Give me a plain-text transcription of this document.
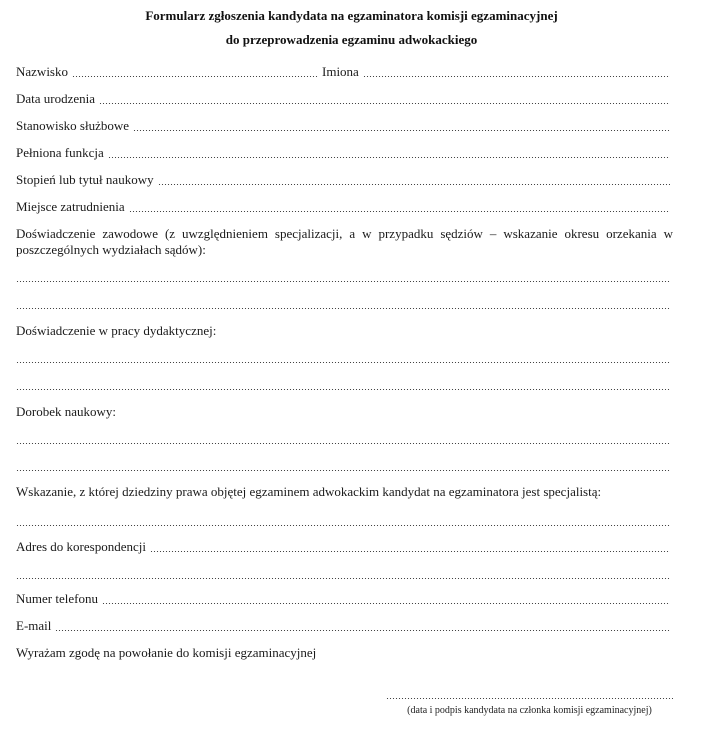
Formularz zgłoszenia kandydata na egzaminatora komisji egzaminacyjnej
do przeprowadzenia egzaminu adwokackiego
Nazwisko	Imiona
Data urodzenia
Stanowisko służbowe
Pełniona funkcja
Stopień lub tytuł naukowy
Miejsce zatrudnienia
Doświadczenie zawodowe (z uwzględnieniem specjalizacji, a w przypadku sędziów – wskazanie okresu orzekania w poszczególnych wydziałach sądów):
Doświadczenie w pracy dydaktycznej:
Dorobek naukowy:
Wskazanie, z której dziedziny prawa objętej egzaminem adwokackim kandydat na egzaminatora jest specjalistą:
Adres do korespondencji
Numer telefonu
E-mail
Wyrażam zgodę na powołanie do komisji egzaminacyjnej
(data i podpis kandydata na członka komisji egzaminacyjnej)
